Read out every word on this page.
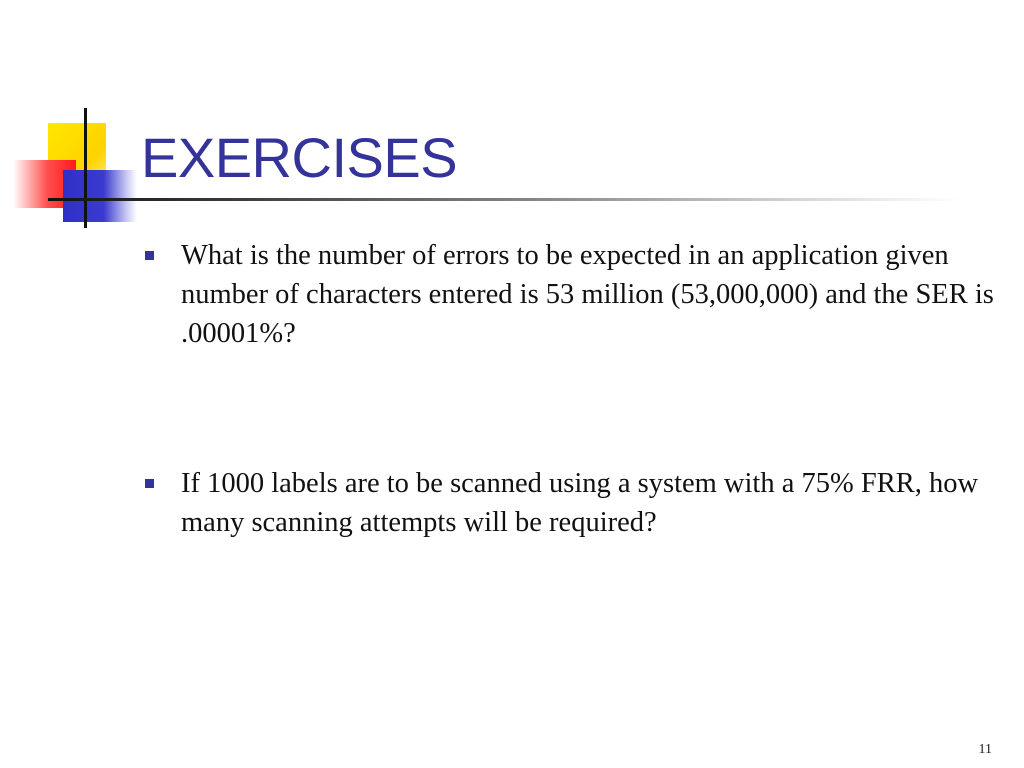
EXERCISES
What is the number of errors to be expected in an application given number of characters entered is 53 million (53,000,000) and the SER is .00001%?
If 1000 labels are to be scanned using a system with a 75% FRR, how many scanning attempts will be required?
11
